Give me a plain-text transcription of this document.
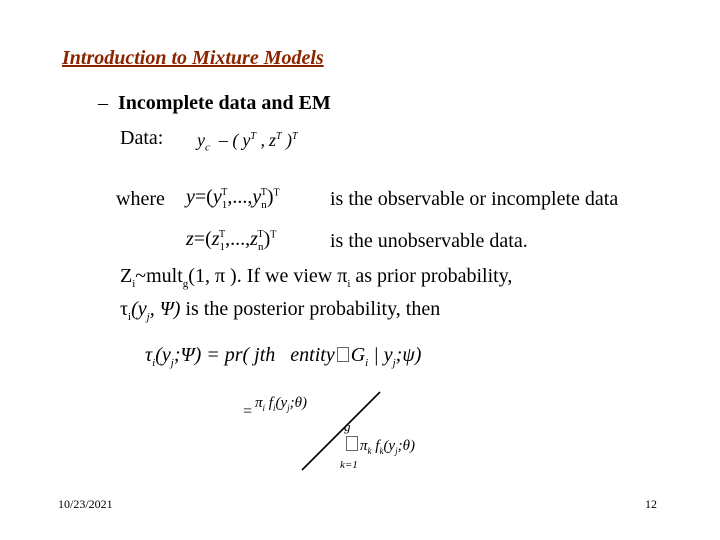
Introduction to Mixture Models
– Incomplete data and EM
Data: $y_c$  – ( $y^T$ , $z^T$ )$^T$
where $y=(y_1^T,...,y_n^T)^T$	is the observable or incomplete data
$z=(z_1^T,...,z_n^T)^T$	is the unobservable data.
$Z_i\sim mult_g(1$, π ). If we view $\pi_i$ as prior probability,
$\tau_i(y_j$, Ψ) is the posterior probability, then
$\tau_i(y_j;\Psi) = pr$( jth   entity $G_i$ | $y_j;\psi$)
= $\pi_i$ $f_i(y_j;\theta)$
g
$\pi_k$ $f_k(y_j;\theta)$
k=1
10/23/2021	12
